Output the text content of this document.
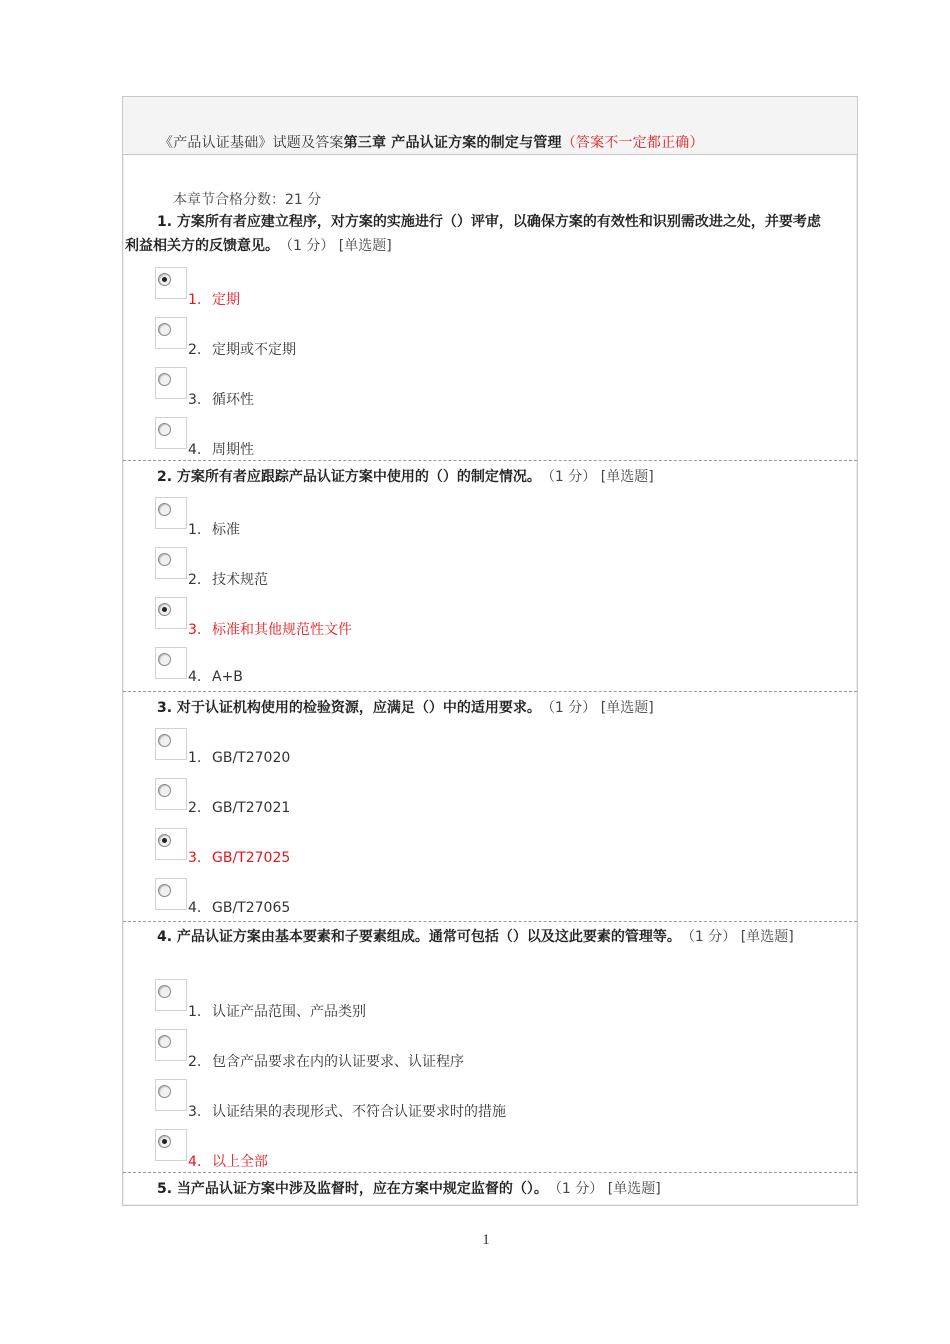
《产品认证基础》试题及答案第三章 产品认证方案的制定与管理（答案不一定都正确）
本章节合格分数：21 分
1. 方案所有者应建立程序，对方案的实施进行（）评审，以确保方案的有效性和识别需改进之处，并要考虑利益相关方的反馈意见。　 （1 分） [单选题]
1. 定期
2. 定期或不定期
3. 循环性
4. 周期性
2. 方案所有者应跟踪产品认证方案中使用的（）的制定情况。　 （1 分） [单选题]
1. 标准
2. 技术规范
3. 标准和其他规范性文件
4. A+B
3. 对于认证机构使用的检验资源，应满足（）中的适用要求。　 （1 分） [单选题]
1. GB/T27020
2. GB/T27021
3. GB/T27025
4. GB/T27065
4. 产品认证方案由基本要素和子要素组成。通常可包括（）以及这此要素的管理等。　 （1 分） [单选题]
1. 认证产品范围、产品类别
2. 包含产品要求在内的认证要求、认证程序
3. 认证结果的表现形式、不符合认证要求时的措施
4. 以上全部
5. 当产品认证方案中涉及监督时，应在方案中规定监督的（）。　 （1 分） [单选题]
1
